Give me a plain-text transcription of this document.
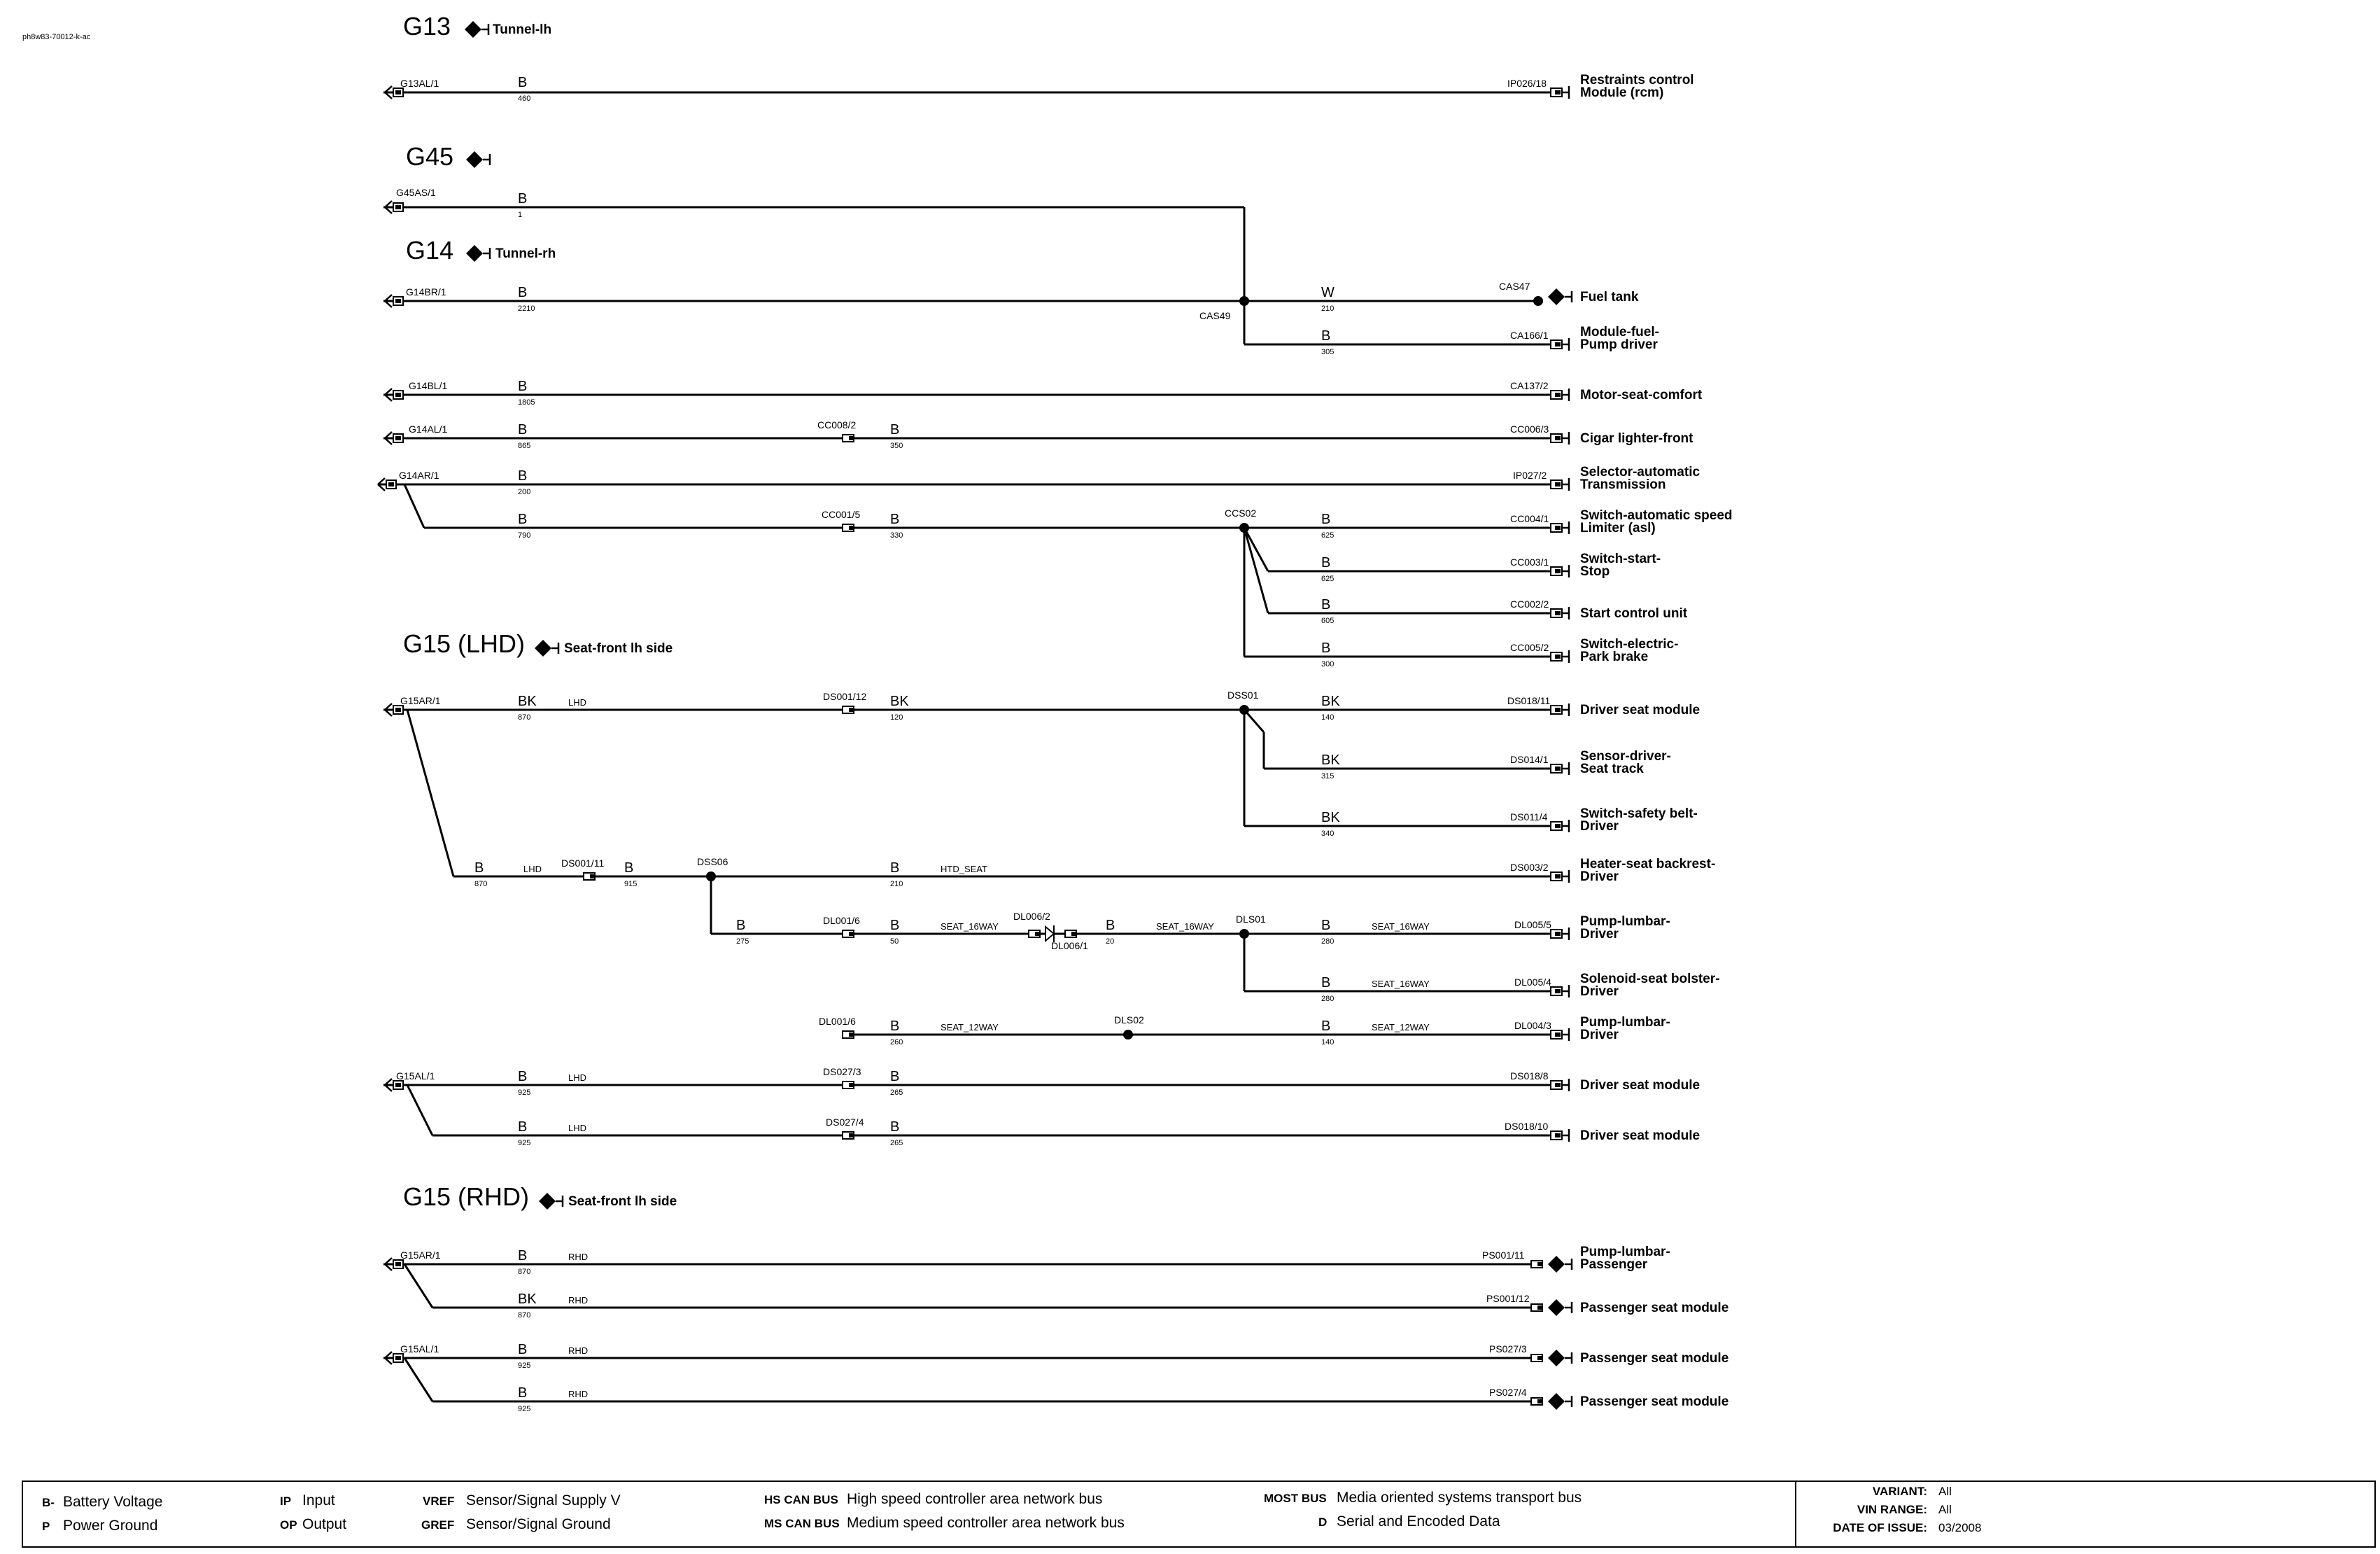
ph8w83-70012-k-ac	G13	Tunnel-lh
G45
G14	Tunnel-rh
G15 (LHD)	Seat-front lh side
G15 (RHD)	Seat-front lh side
G13AL/1
G45AS/1
G14BR/1
G14BL/1
G14AL/1
G14AR/1
G15AR/1
G15AL/1
G15AR/1
G15AL/1
IP026/18
CAS47
CA166/1
CA137/2
CC008/2	CC006/3
IP027/2
CC001/5	CC004/1
CC003/1
CC002/2
CC005/2
DS001/12	DS018/11
DS014/1
DS011/4
DS001/11	DS003/2
DL001/6	DL006/2
DL006/1
DL005/5
DL005/4
DL001/6	DL004/3
DS027/3	DS018/8
DS027/4	DS018/10
PS001/11
PS001/12
PS027/3
PS027/4
CAS49
CCS02
DSS01
DSS06
DLS01
DLS02
B
460
B
1
B
2210
W
210
B
305
B
1805
B
865
B
350
B
200
B
790
B
330
B
625
B
625
B
605
B
300
BK
870
BK
120
BK
140
BK
315
BK
340
B
870
B
915
B
210
B
275
B
50
B
20
B
280
B
280
B
260
B
140
B
925
B
265
B
925
B
265
B
870
BK
870
B
925
B
925
LHD
LHD	HTD_SEAT
SEAT_16WAY	SEAT_16WAY	SEAT_16WAY
SEAT_16WAY
SEAT_12WAY	SEAT_12WAY
LHD
LHD
RHD
RHD
RHD
RHD
Restraints control
Module (rcm)
Fuel tank
Module-fuel-
Pump driver
Motor-seat-comfort
Cigar lighter-front
Selector-automatic
Transmission
Switch-automatic speed
Limiter (asl)
Switch-start-
Stop
Start control unit
Switch-electric-
Park brake
Driver seat module
Sensor-driver-
Seat track
Switch-safety belt-
Driver
Heater-seat backrest-
Driver
Pump-lumbar-
Driver
Solenoid-seat bolster-
Driver
Pump-lumbar-
Driver
Driver seat module
Driver seat module
Pump-lumbar-
Passenger
Passenger seat module
Passenger seat module
Passenger seat module
B- Battery Voltage
P Power Ground
IP Input
OP Output
VREF Sensor/Signal Supply V
GREF Sensor/Signal Ground
HS CAN BUS High speed controller area network bus
MS CAN BUS Medium speed controller area network bus
MOST BUS Media oriented systems transport bus
D Serial and Encoded Data
VARIANT: All
VIN RANGE: All
DATE OF ISSUE: 03/2008
